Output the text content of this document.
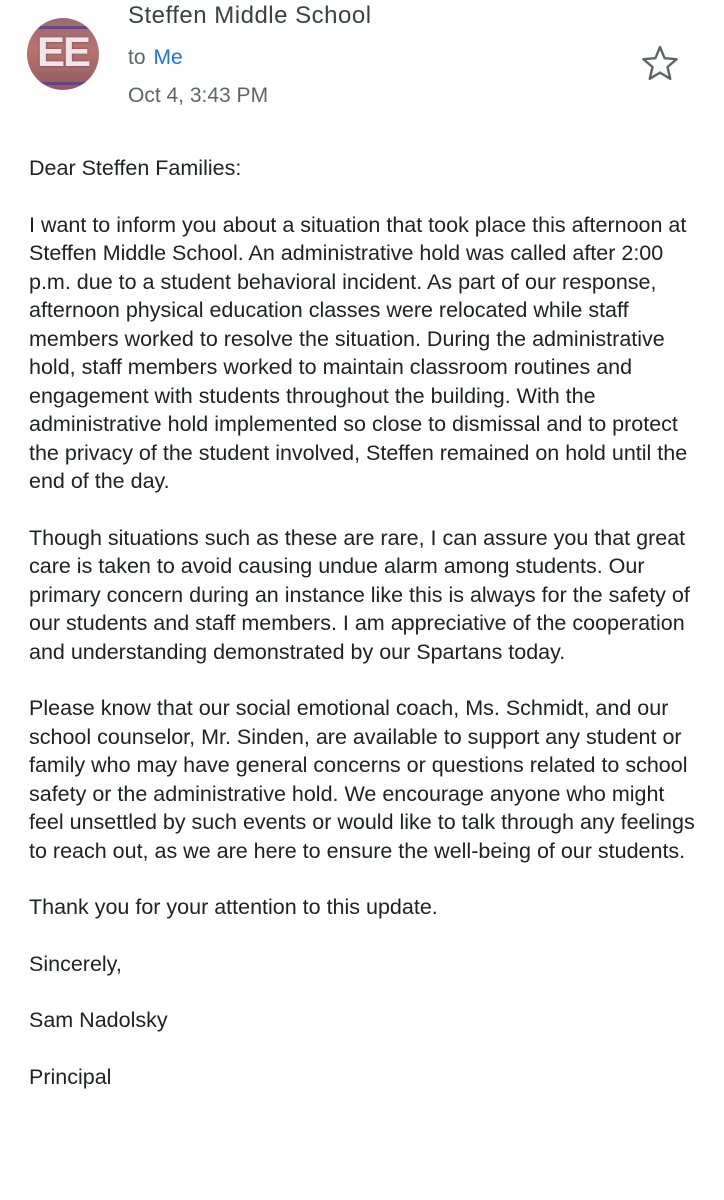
EE
Steffen Middle School
to Me
Oct 4, 3:43 PM

Dear Steffen Families:

I want to inform you about a situation that took place this afternoon at Steffen Middle School. An administrative hold was called after 2:00 p.m. due to a student behavioral incident. As part of our response, afternoon physical education classes were relocated while staff members worked to resolve the situation. During the administrative hold, staff members worked to maintain classroom routines and engagement with students throughout the building. With the administrative hold implemented so close to dismissal and to protect the privacy of the student involved, Steffen remained on hold until the end of the day.

Though situations such as these are rare, I can assure you that great care is taken to avoid causing undue alarm among students. Our primary concern during an instance like this is always for the safety of our students and staff members. I am appreciative of the cooperation and understanding demonstrated by our Spartans today.

Please know that our social emotional coach, Ms. Schmidt, and our school counselor, Mr. Sinden, are available to support any student or family who may have general concerns or questions related to school safety or the administrative hold. We encourage anyone who might feel unsettled by such events or would like to talk through any feelings to reach out, as we are here to ensure the well-being of our students.

Thank you for your attention to this update.

Sincerely,

Sam Nadolsky

Principal
